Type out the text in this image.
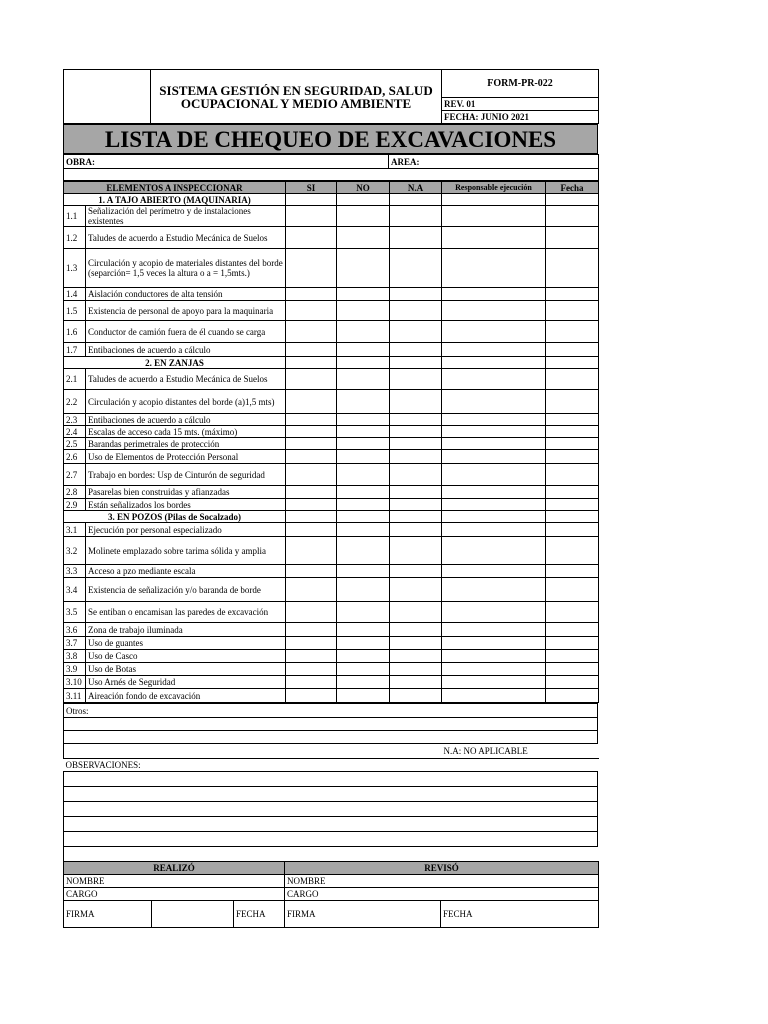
	SISTEMA GESTIÓN EN SEGURIDAD, SALUD OCUPACIONAL Y MEDIO AMBIENTE	FORM-PR-022
REV. 01
FECHA: JUNIO 2021
LISTA DE CHEQUEO DE EXCAVACIONES
OBRA:	AREA:

ELEMENTOS A INSPECCIONAR		SI	NO	N.A	Responsable ejecución	Fecha
1. A TAJO ABIERTO (MAQUINARIA)						
1.1	Señalización del perímetro y de instalaciones existentes					
1.2	Taludes de acuerdo a Estudio Mecánica de Suelos					
1.3	Circulación y acopio de materiales distantes del borde (separción= 1,5 veces la altura o a = 1,5mts.)					
1.4	Aislación conductores de alta tensión					
1.5	Existencia de personal de apoyo para la maquinaria					
1.6	Conductor de camión fuera de él cuando se carga					
1.7	Entibaciones de acuerdo a cálculo					
2. EN ZANJAS						
2.1	Taludes de acuerdo a Estudio Mecánica de Suelos					
2.2	Circulación y acopio distantes del borde (a)1,5 mts)					
2.3	Entibaciones de acuerdo a cálculo					
2.4	Escalas de acceso cada 15 mts. (máximo)					
2.5	Barandas perimetrales de protección					
2.6	Uso de Elementos de Protección Personal					
2.7	Trabajo en bordes: Usp de Cinturón de seguridad					
2.8	Pasarelas bien construidas y afianzadas					
2.9	Están señalizados los bordes					
3. EN POZOS (Pilas de Socalzado)						
3.1	Ejecución por personal especializado					
3.2	Molinete emplazado sobre tarima sólida y amplia					
3.3	Acceso a pzo mediante escala					
3.4	Existencia de señalización y/o baranda de borde					
3.5	Se entiban o encamisan las paredes de excavación					
3.6	Zona de trabajo iluminada					
3.7	Uso de guantes					
3.8	Uso de Casco					
3.9	Uso de Botas					
3.10	Uso Arnés de Seguridad					
3.11	Aireación fondo de excavación					
Otros:

	N.A: NO APLICABLE
OBSERVACIONES:

REALIZÓ			REVISÓ	
NOMBRE			NOMBRE	
CARGO			CARGO	
FIRMA		FECHA	FIRMA	FECHA
